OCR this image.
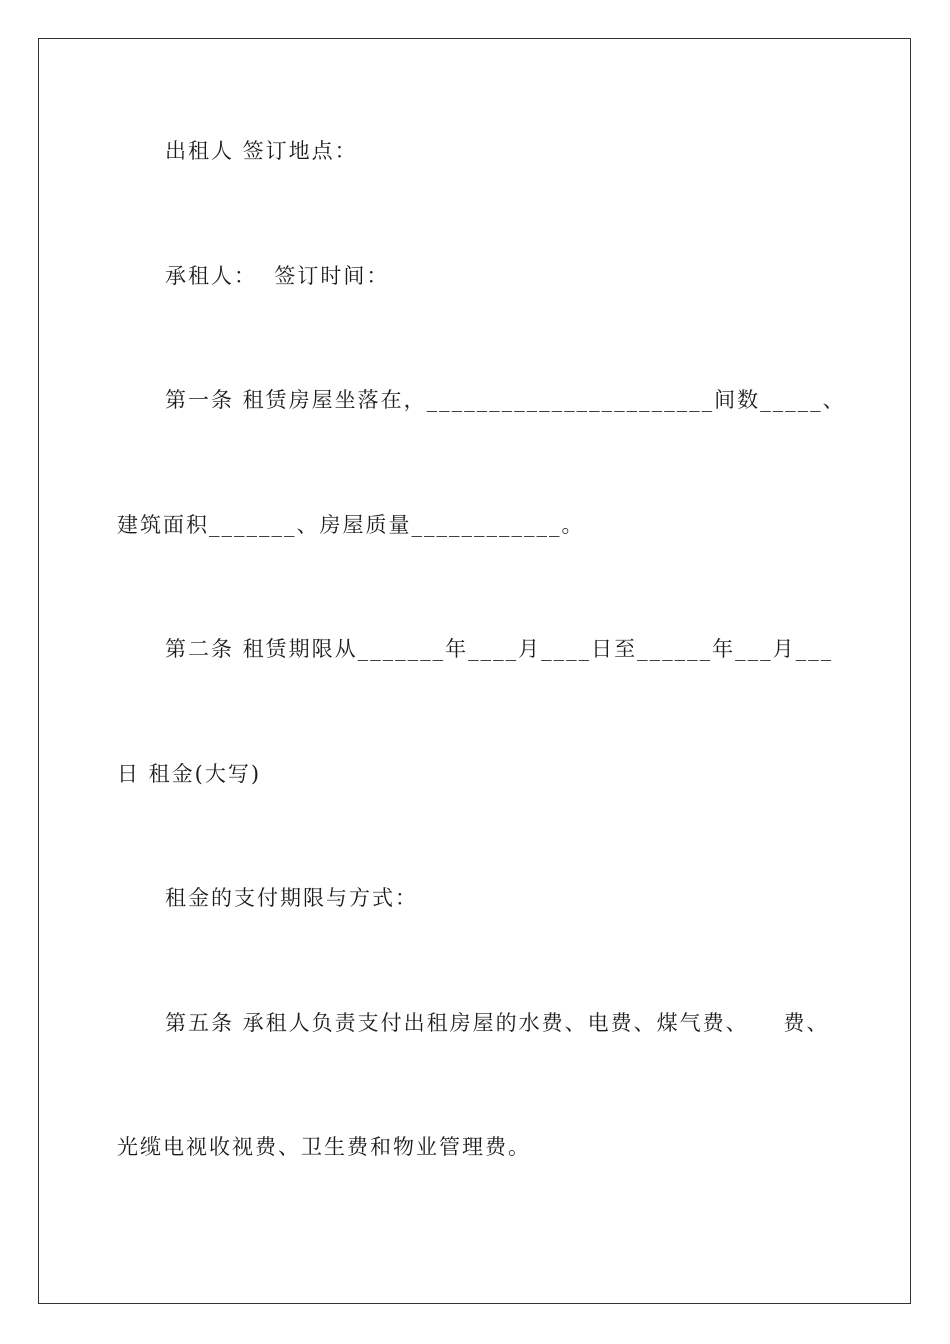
出租人 签订地点：
承租人：  签订时间：
第一条 租赁房屋坐落在，_______________________间数_____、
建筑面积_______、房屋质量____________。
第二条 租赁期限从_______年____月____日至______年___月___
日 租金(大写)
租金的支付期限与方式：
第五条 承租人负责支付出租房屋的水费、电费、煤气费、    费、
光缆电视收视费、卫生费和物业管理费。
